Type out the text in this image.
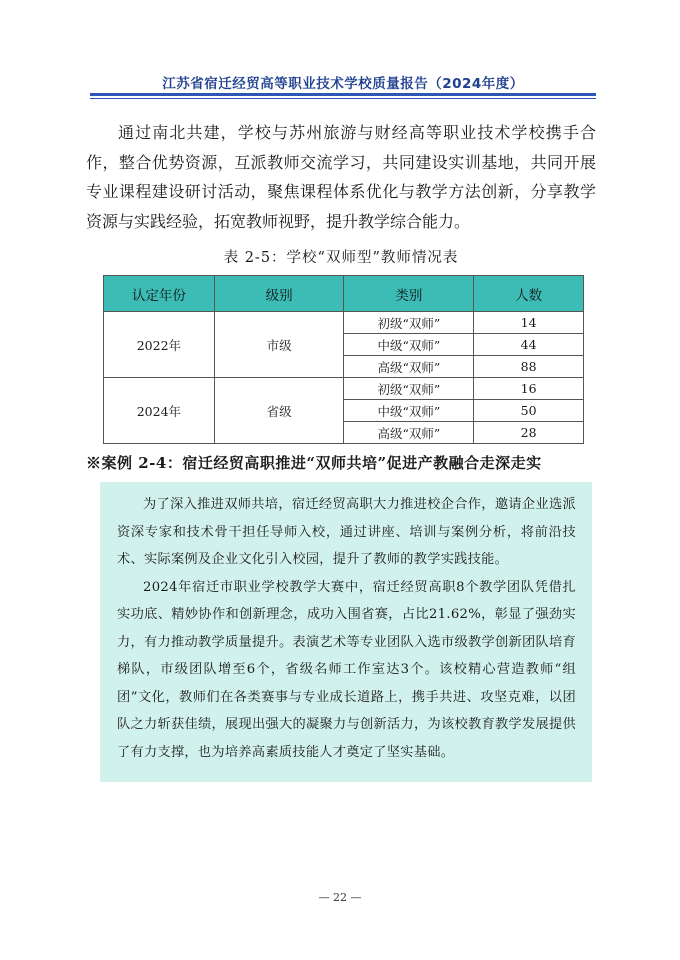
江苏省宿迁经贸高等职业技术学校质量报告（2024年度）

通过南北共建，学校与苏州旅游与财经高等职业技术学校携手合作，整合优势资源，互派教师交流学习，共同建设实训基地，共同开展专业课程建设研讨活动，聚焦课程体系优化与教学方法创新，分享教学资源与实践经验，拓宽教师视野，提升教学综合能力。

表 2-5：学校“双师型”教师情况表
认定年份	级别	类别	人数
2022年	市级	初级“双师”	14
		中级“双师”	44
		高级“双师”	88
2024年	省级	初级“双师”	16
		中级“双师”	50
		高级“双师”	28
※案例 2-4：宿迁经贸高职推进“双师共培”促进产教融合走深走实

为了深入推进双师共培，宿迁经贸高职大力推进校企合作，邀请企业选派资深专家和技术骨干担任导师入校，通过讲座、培训与案例分析，将前沿技术、实际案例及企业文化引入校园，提升了教师的教学实践技能。

2024年宿迁市职业学校教学大赛中，宿迁经贸高职8个教学团队凭借扎实功底、精妙协作和创新理念，成功入围省赛，占比21.62%，彰显了强劲实力，有力推动教学质量提升。表演艺术等专业团队入选市级教学创新团队培育梯队，市级团队增至6个，省级名师工作室达3个。该校精心营造教师“组团”文化，教师们在各类赛事与专业成长道路上，携手共进、攻坚克难，以团队之力斩获佳绩，展现出强大的凝聚力与创新活力，为该校教育教学发展提供了有力支撑，也为培养高素质技能人才奠定了坚实基础。

— 22 —
